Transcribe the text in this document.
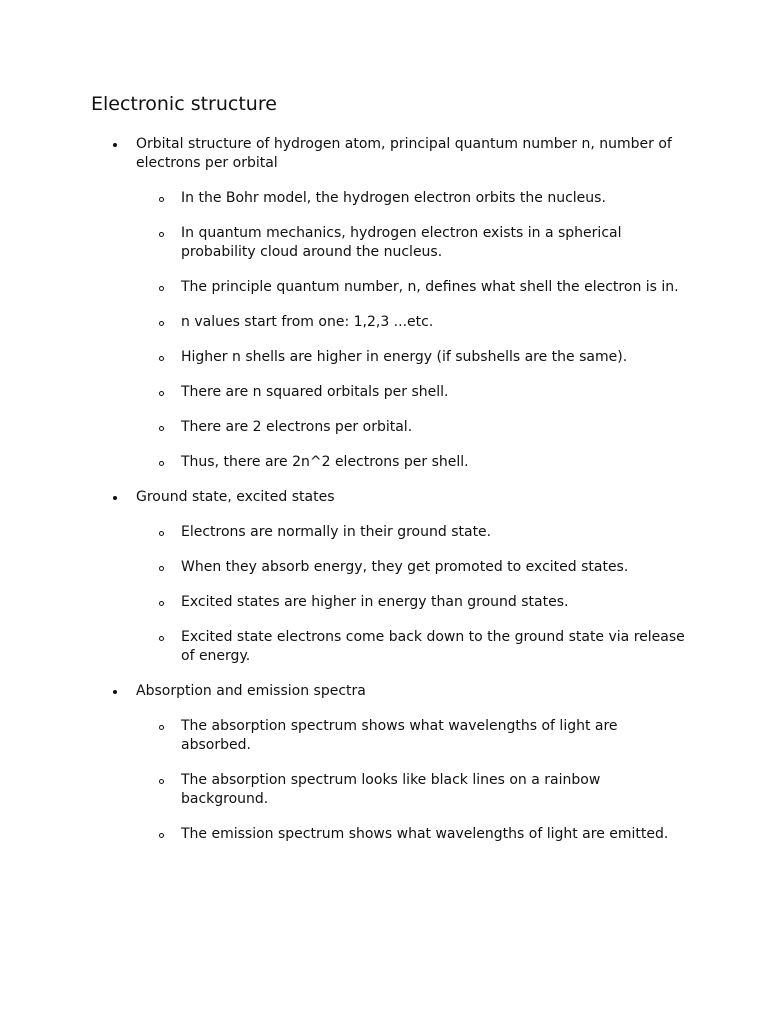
Electronic structure
Orbital structure of hydrogen atom, principal quantum number n, number of electrons per orbital
In the Bohr model, the hydrogen electron orbits the nucleus.
In quantum mechanics, hydrogen electron exists in a spherical probability cloud around the nucleus.
The principle quantum number, n, defines what shell the electron is in.
n values start from one: 1,2,3 ...etc.
Higher n shells are higher in energy (if subshells are the same).
There are n squared orbitals per shell.
There are 2 electrons per orbital.
Thus, there are 2n^2 electrons per shell.
Ground state, excited states
Electrons are normally in their ground state.
When they absorb energy, they get promoted to excited states.
Excited states are higher in energy than ground states.
Excited state electrons come back down to the ground state via release of energy.
Absorption and emission spectra
The absorption spectrum shows what wavelengths of light are absorbed.
The absorption spectrum looks like black lines on a rainbow background.
The emission spectrum shows what wavelengths of light are emitted.
